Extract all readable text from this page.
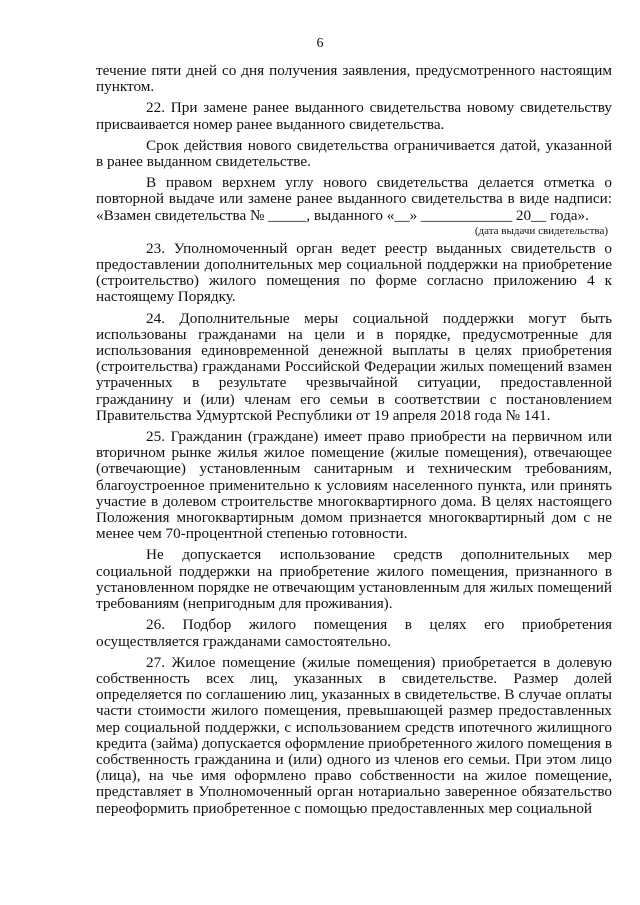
6

течение пяти дней со дня получения заявления, предусмотренного настоящим пунктом.

22. При замене ранее выданного свидетельства новому свидетельству присваивается номер ранее выданного свидетельства.

Срок действия нового свидетельства ограничивается датой, указанной в ранее выданном свидетельстве.

В правом верхнем углу нового свидетельства делается отметка о повторной выдаче или замене ранее выданного свидетельства в виде надписи: «Взамен свидетельства № _____, выданного «__» ____________ 20__ года».

(дата выдачи свидетельства)

23. Уполномоченный орган ведет реестр выданных свидетельств о предоставлении дополнительных мер социальной поддержки на приобретение (строительство) жилого помещения по форме согласно приложению 4 к настоящему Порядку.

24. Дополнительные меры социальной поддержки могут быть использованы гражданами на цели и в порядке, предусмотренные для использования единовременной денежной выплаты в целях приобретения (строительства) гражданами Российской Федерации жилых помещений взамен утраченных в результате чрезвычайной ситуации, предоставленной гражданину и (или) членам его семьи в соответствии с постановлением Правительства Удмуртской Республики от 19 апреля 2018 года № 141.

25. Гражданин (граждане) имеет право приобрести на первичном или вторичном рынке жилья жилое помещение (жилые помещения), отвечающее (отвечающие) установленным санитарным и техническим требованиям, благоустроенное применительно к условиям населенного пункта, или принять участие в долевом строительстве многоквартирного дома. В целях настоящего Положения многоквартирным домом признается многоквартирный дом с не менее чем 70-процентной степенью готовности.

Не допускается использование средств дополнительных мер социальной поддержки на приобретение жилого помещения, признанного в установленном порядке не отвечающим установленным для жилых помещений требованиям (непригодным для проживания).

26. Подбор жилого помещения в целях его приобретения осуществляется гражданами самостоятельно.

27. Жилое помещение (жилые помещения) приобретается в долевую собственность всех лиц, указанных в свидетельстве. Размер долей определяется по соглашению лиц, указанных в свидетельстве. В случае оплаты части стоимости жилого помещения, превышающей размер предоставленных мер социальной поддержки, с использованием средств ипотечного жилищного кредита (займа) допускается оформление приобретенного жилого помещения в собственность гражданина и (или) одного из членов его семьи. При этом лицо (лица), на чье имя оформлено право собственности на жилое помещение, представляет в Уполномоченный орган нотариально заверенное обязательство переоформить приобретенное с помощью предоставленных мер социальной
